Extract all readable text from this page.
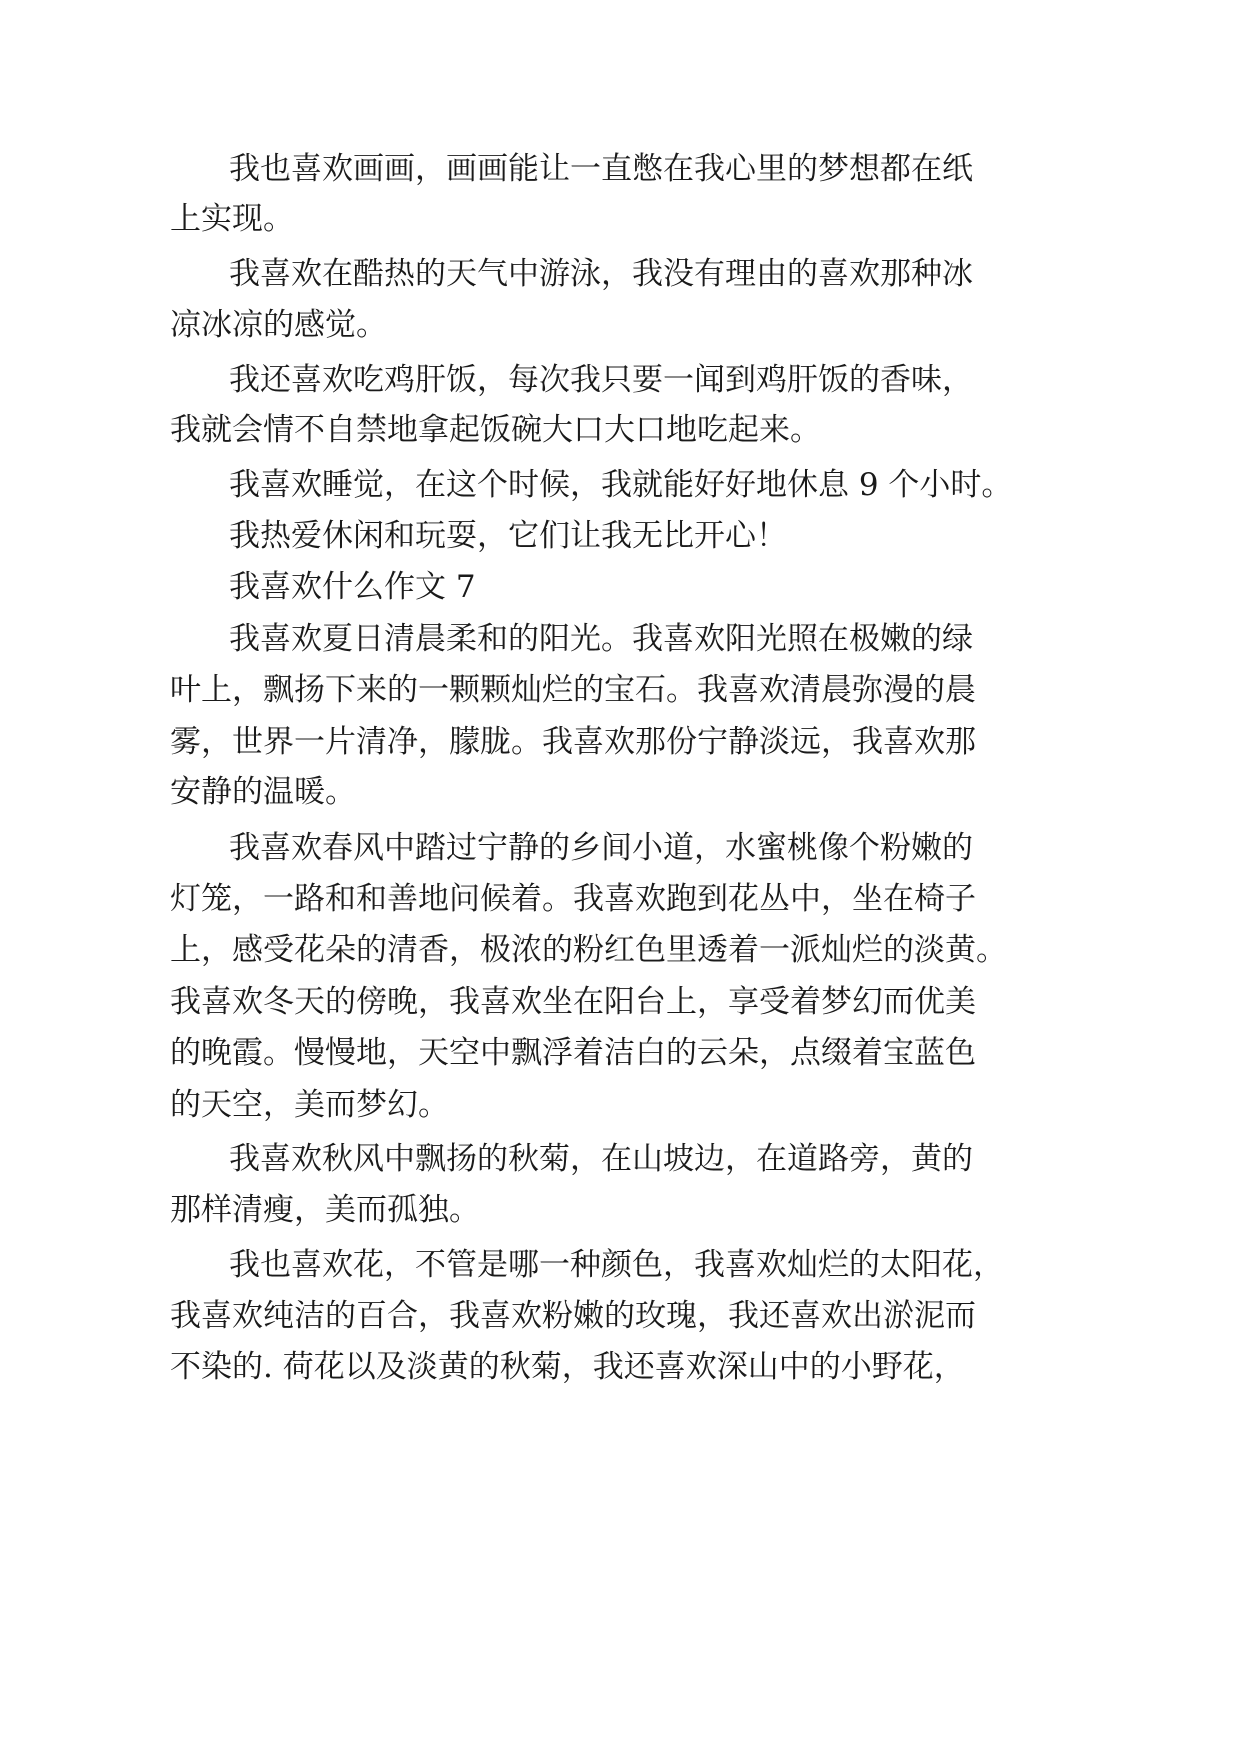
我也喜欢画画，画画能让一直憋在我心里的梦想都在纸
上实现。
我喜欢在酷热的天气中游泳，我没有理由的喜欢那种冰
凉冰凉的感觉。
我还喜欢吃鸡肝饭，每次我只要一闻到鸡肝饭的香味，
我就会情不自禁地拿起饭碗大口大口地吃起来。
我喜欢睡觉，在这个时候，我就能好好地休息 9 个小时。
我热爱休闲和玩耍，它们让我无比开心！
我喜欢什么作文 7
我喜欢夏日清晨柔和的阳光。我喜欢阳光照在极嫩的绿
叶上，飘扬下来的一颗颗灿烂的宝石。我喜欢清晨弥漫的晨
雾，世界一片清净，朦胧。我喜欢那份宁静淡远，我喜欢那
安静的温暖。
我喜欢春风中踏过宁静的乡间小道，水蜜桃像个粉嫩的
灯笼，一路和和善地问候着。我喜欢跑到花丛中，坐在椅子
上，感受花朵的清香，极浓的粉红色里透着一派灿烂的淡黄。
我喜欢冬天的傍晚，我喜欢坐在阳台上，享受着梦幻而优美
的晚霞。慢慢地，天空中飘浮着洁白的云朵，点缀着宝蓝色
的天空，美而梦幻。
我喜欢秋风中飘扬的秋菊，在山坡边，在道路旁，黄的
那样清瘦，美而孤独。
我也喜欢花，不管是哪一种颜色，我喜欢灿烂的太阳花，
我喜欢纯洁的百合，我喜欢粉嫩的玫瑰，我还喜欢出淤泥而
不染的. 荷花以及淡黄的秋菊，我还喜欢深山中的小野花，
